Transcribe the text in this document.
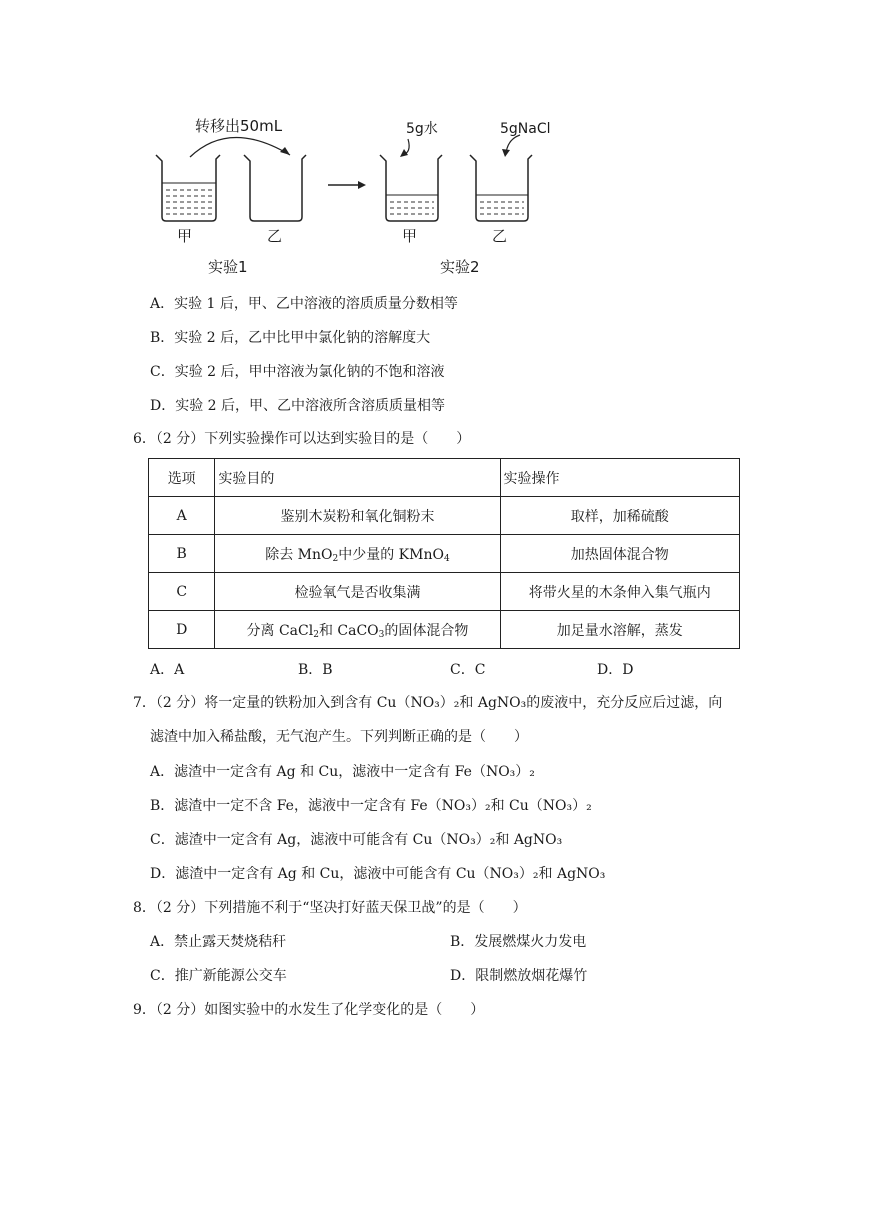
转移出50mL	5g水	5gNaCl
甲	乙	甲	乙
实验1	实验2
A．实验 1 后，甲、乙中溶液的溶质质量分数相等
B．实验 2 后，乙中比甲中氯化钠的溶解度大
C．实验 2 后，甲中溶液为氯化钠的不饱和溶液
D．实验 2 后，甲、乙中溶液所含溶质质量相等
6．（2 分）下列实验操作可以达到实验目的是（　　）
选项	实验目的	实验操作
A	鉴别木炭粉和氧化铜粉末	取样，加稀硫酸
B	除去 MnO$_2$中少量的 KMnO$_4$	加热固体混合物
C	检验氧气是否收集满	将带火星的木条伸入集气瓶内
D	分离 CaCl$_2$和 CaCO$_3$的固体混合物	加足量水溶解，蒸发
A．A	B．B	C．C	D．D
7．（2 分）将一定量的铁粉加入到含有 Cu（NO₃）₂和 AgNO₃的废液中，充分反应后过滤，向
滤渣中加入稀盐酸，无气泡产生。下列判断正确的是（　　）
A．滤渣中一定含有 Ag 和 Cu，滤液中一定含有 Fe（NO₃）₂
B．滤渣中一定不含 Fe，滤液中一定含有 Fe（NO₃）₂和 Cu（NO₃）₂
C．滤渣中一定含有 Ag，滤液中可能含有 Cu（NO₃）₂和 AgNO₃
D．滤渣中一定含有 Ag 和 Cu，滤液中可能含有 Cu（NO₃）₂和 AgNO₃
8．（2 分）下列措施不利于“坚决打好蓝天保卫战”的是（　　）
A．禁止露天焚烧秸秆	B．发展燃煤火力发电
C．推广新能源公交车	D．限制燃放烟花爆竹
9．（2 分）如图实验中的水发生了化学变化的是（　　）
